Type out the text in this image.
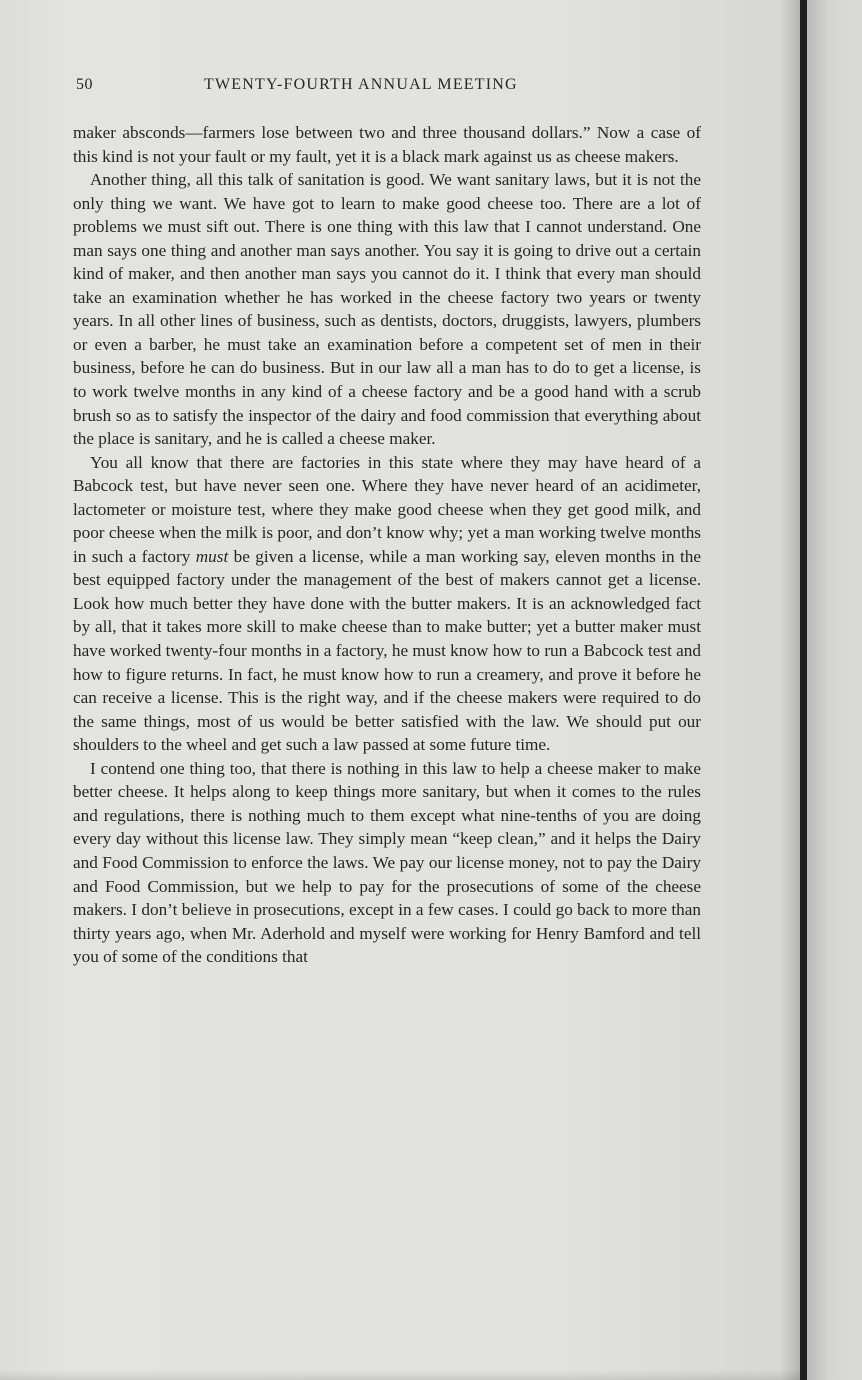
50	TWENTY-FOURTH ANNUAL MEETING

maker absconds—farmers lose between two and three thousand dollars.” Now a case of this kind is not your fault or my fault, yet it is a black mark against us as cheese makers.

Another thing, all this talk of sanitation is good. We want sanitary laws, but it is not the only thing we want. We have got to learn to make good cheese too. There are a lot of problems we must sift out. There is one thing with this law that I cannot understand. One man says one thing and another man says another. You say it is going to drive out a certain kind of maker, and then another man says you cannot do it. I think that every man should take an examination whether he has worked in the cheese factory two years or twenty years. In all other lines of business, such as dentists, doctors, druggists, lawyers, plumbers or even a barber, he must take an examination before a competent set of men in their business, before he can do business. But in our law all a man has to do to get a license, is to work twelve months in any kind of a cheese factory and be a good hand with a scrub brush so as to satisfy the inspector of the dairy and food commission that everything about the place is sanitary, and he is called a cheese maker.

You all know that there are factories in this state where they may have heard of a Babcock test, but have never seen one. Where they have never heard of an acidimeter, lactometer or moisture test, where they make good cheese when they get good milk, and poor cheese when the milk is poor, and don’t know why; yet a man working twelve months in such a factory must be given a license, while a man working say, eleven months in the best equipped factory under the management of the best of makers cannot get a license. Look how much better they have done with the butter makers. It is an acknowledged fact by all, that it takes more skill to make cheese than to make butter; yet a butter maker must have worked twenty-four months in a factory, he must know how to run a Babcock test and how to figure returns. In fact, he must know how to run a creamery, and prove it before he can receive a license. This is the right way, and if the cheese makers were required to do the same things, most of us would be better satisfied with the law. We should put our shoulders to the wheel and get such a law passed at some future time.

I contend one thing too, that there is nothing in this law to help a cheese maker to make better cheese. It helps along to keep things more sanitary, but when it comes to the rules and regulations, there is nothing much to them except what nine-tenths of you are doing every day without this license law. They simply mean “keep clean,” and it helps the Dairy and Food Commission to enforce the laws. We pay our license money, not to pay the Dairy and Food Commission, but we help to pay for the prosecutions of some of the cheese makers. I don’t believe in prosecutions, except in a few cases. I could go back to more than thirty years ago, when Mr. Aderhold and myself were working for Henry Bamford and tell you of some of the conditions that
